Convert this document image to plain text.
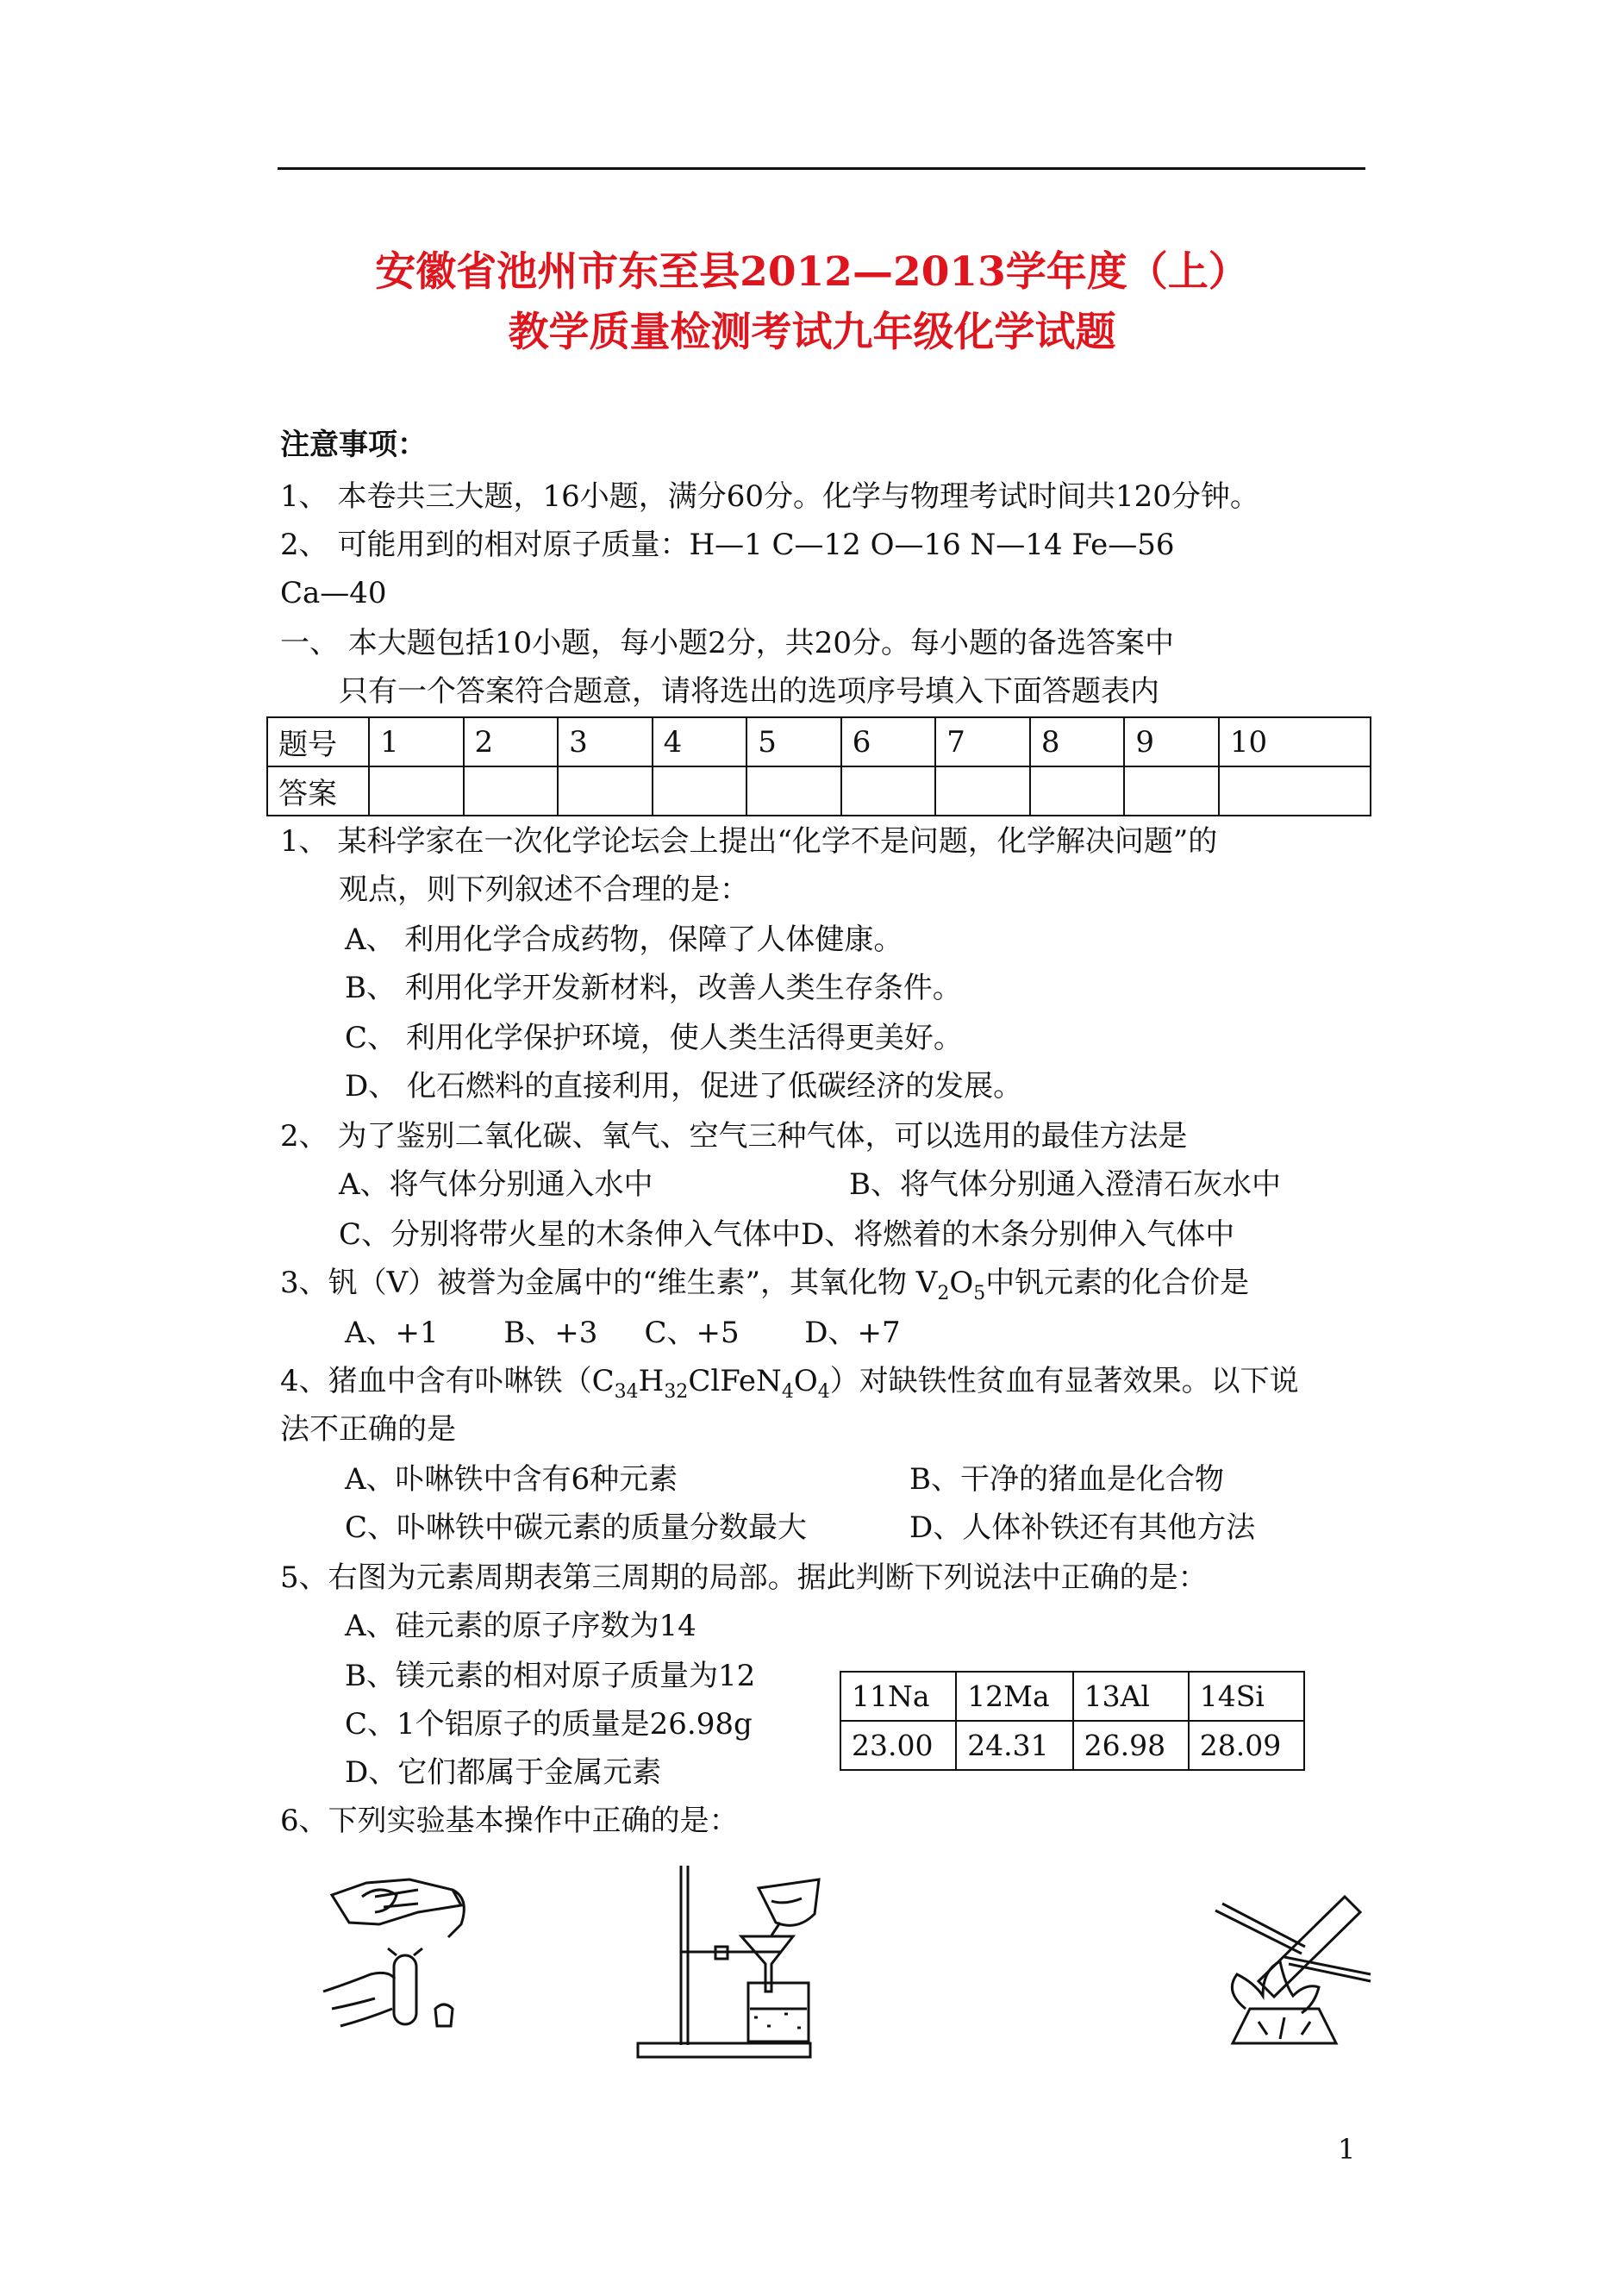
安徽省池州市东至县2012—2013学年度（上）
教学质量检测考试九年级化学试题
注意事项：
1、 本卷共三大题，16小题，满分60分。化学与物理考试时间共120分钟。
2、 可能用到的相对原子质量：H—1 C—12 O—16 N—14 Fe—56
Ca—40
一、 本大题包括10小题，每小题2分，共20分。每小题的备选答案中
只有一个答案符合题意，请将选出的选项序号填入下面答题表内
题号	1	2	3	4	5	6	7	8	9	10
答案										
1、 某科学家在一次化学论坛会上提出“化学不是问题，化学解决问题”的
观点，则下列叙述不合理的是：
A、 利用化学合成药物，保障了人体健康。
B、 利用化学开发新材料，改善人类生存条件。
C、 利用化学保护环境，使人类生活得更美好。
D、 化石燃料的直接利用，促进了低碳经济的发展。
2、 为了鉴别二氧化碳、氧气、空气三种气体，可以选用的最佳方法是
A、将气体分别通入水中	B、将气体分别通入澄清石灰水中
C、分别将带火星的木条伸入气体中D、将燃着的木条分别伸入气体中
3、钒（V）被誉为金属中的“维生素”，其氧化物 $V_2O_5$中钒元素的化合价是
A、+1       B、+3     C、+5       D、+7
4、猪血中含有卟啉铁$(C_{34}H_{32}ClFeN_4O_4)$对缺铁性贫血有显著效果。以下说
法不正确的是
A、卟啉铁中含有6种元素	B、干净的猪血是化合物
C、卟啉铁中碳元素的质量分数最大	D、人体补铁还有其他方法
5、右图为元素周期表第三周期的局部。据此判断下列说法中正确的是：
A、硅元素的原子序数为14
B、镁元素的相对原子质量为12
C、1个铝原子的质量是26.98g
D、它们都属于金属元素
11Na	12Ma	13Al	14Si
23.00	24.31	26.98	28.09
6、下列实验基本操作中正确的是：
1
